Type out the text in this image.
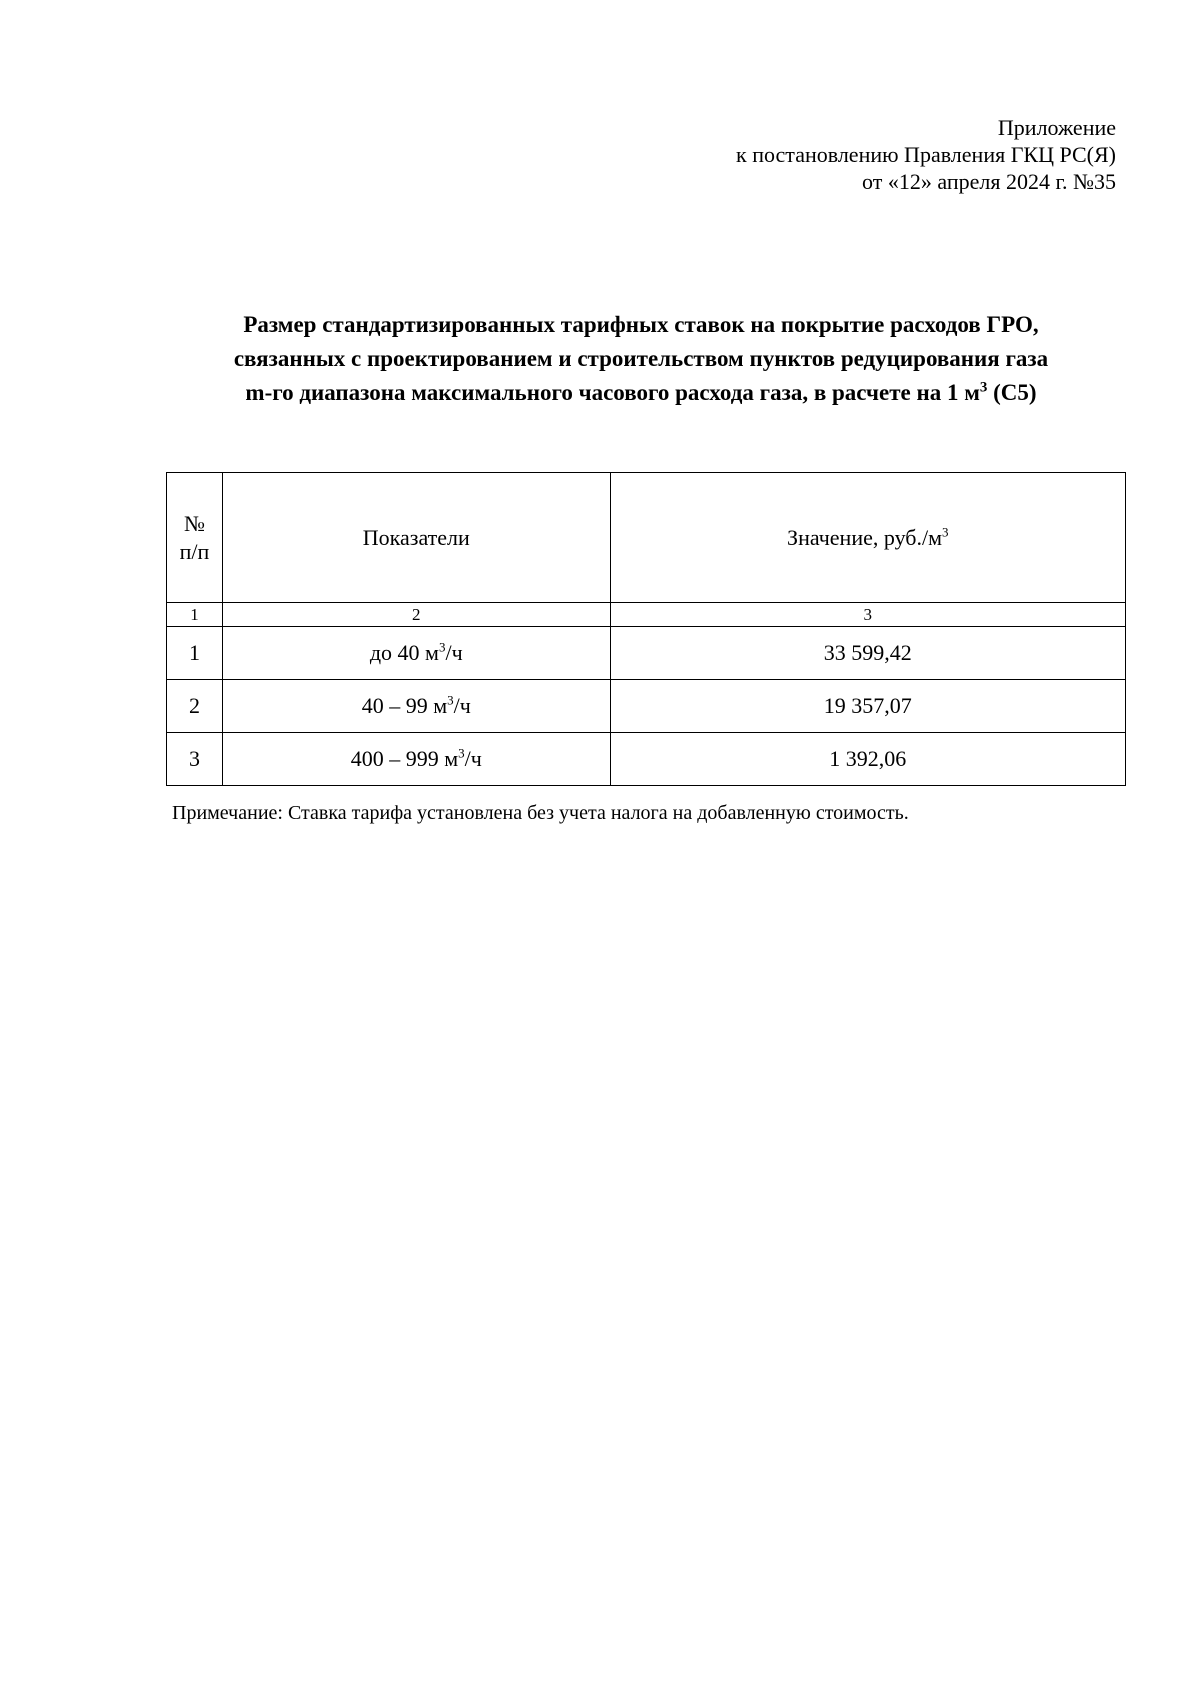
Приложение
к постановлению Правления ГКЦ РС(Я)
от «12» апреля 2024 г. №35
Размер стандартизированных тарифных ставок на покрытие расходов ГРО,
связанных с проектированием и строительством пунктов редуцирования газа
m-го диапазона максимального часового расхода газа, в расчете на 1 $м^3$ (С5)
№ п/п	Показатели	Значение, $руб./м^3$
1	2	3
1	до 40 $м^3/ч$	33 599,42
2	40 – 99 $м^3/ч$	19 357,07
3	400 – 999 $м^3/ч$	1 392,06
Примечание: Ставка тарифа установлена без учета налога на добавленную стоимость.
